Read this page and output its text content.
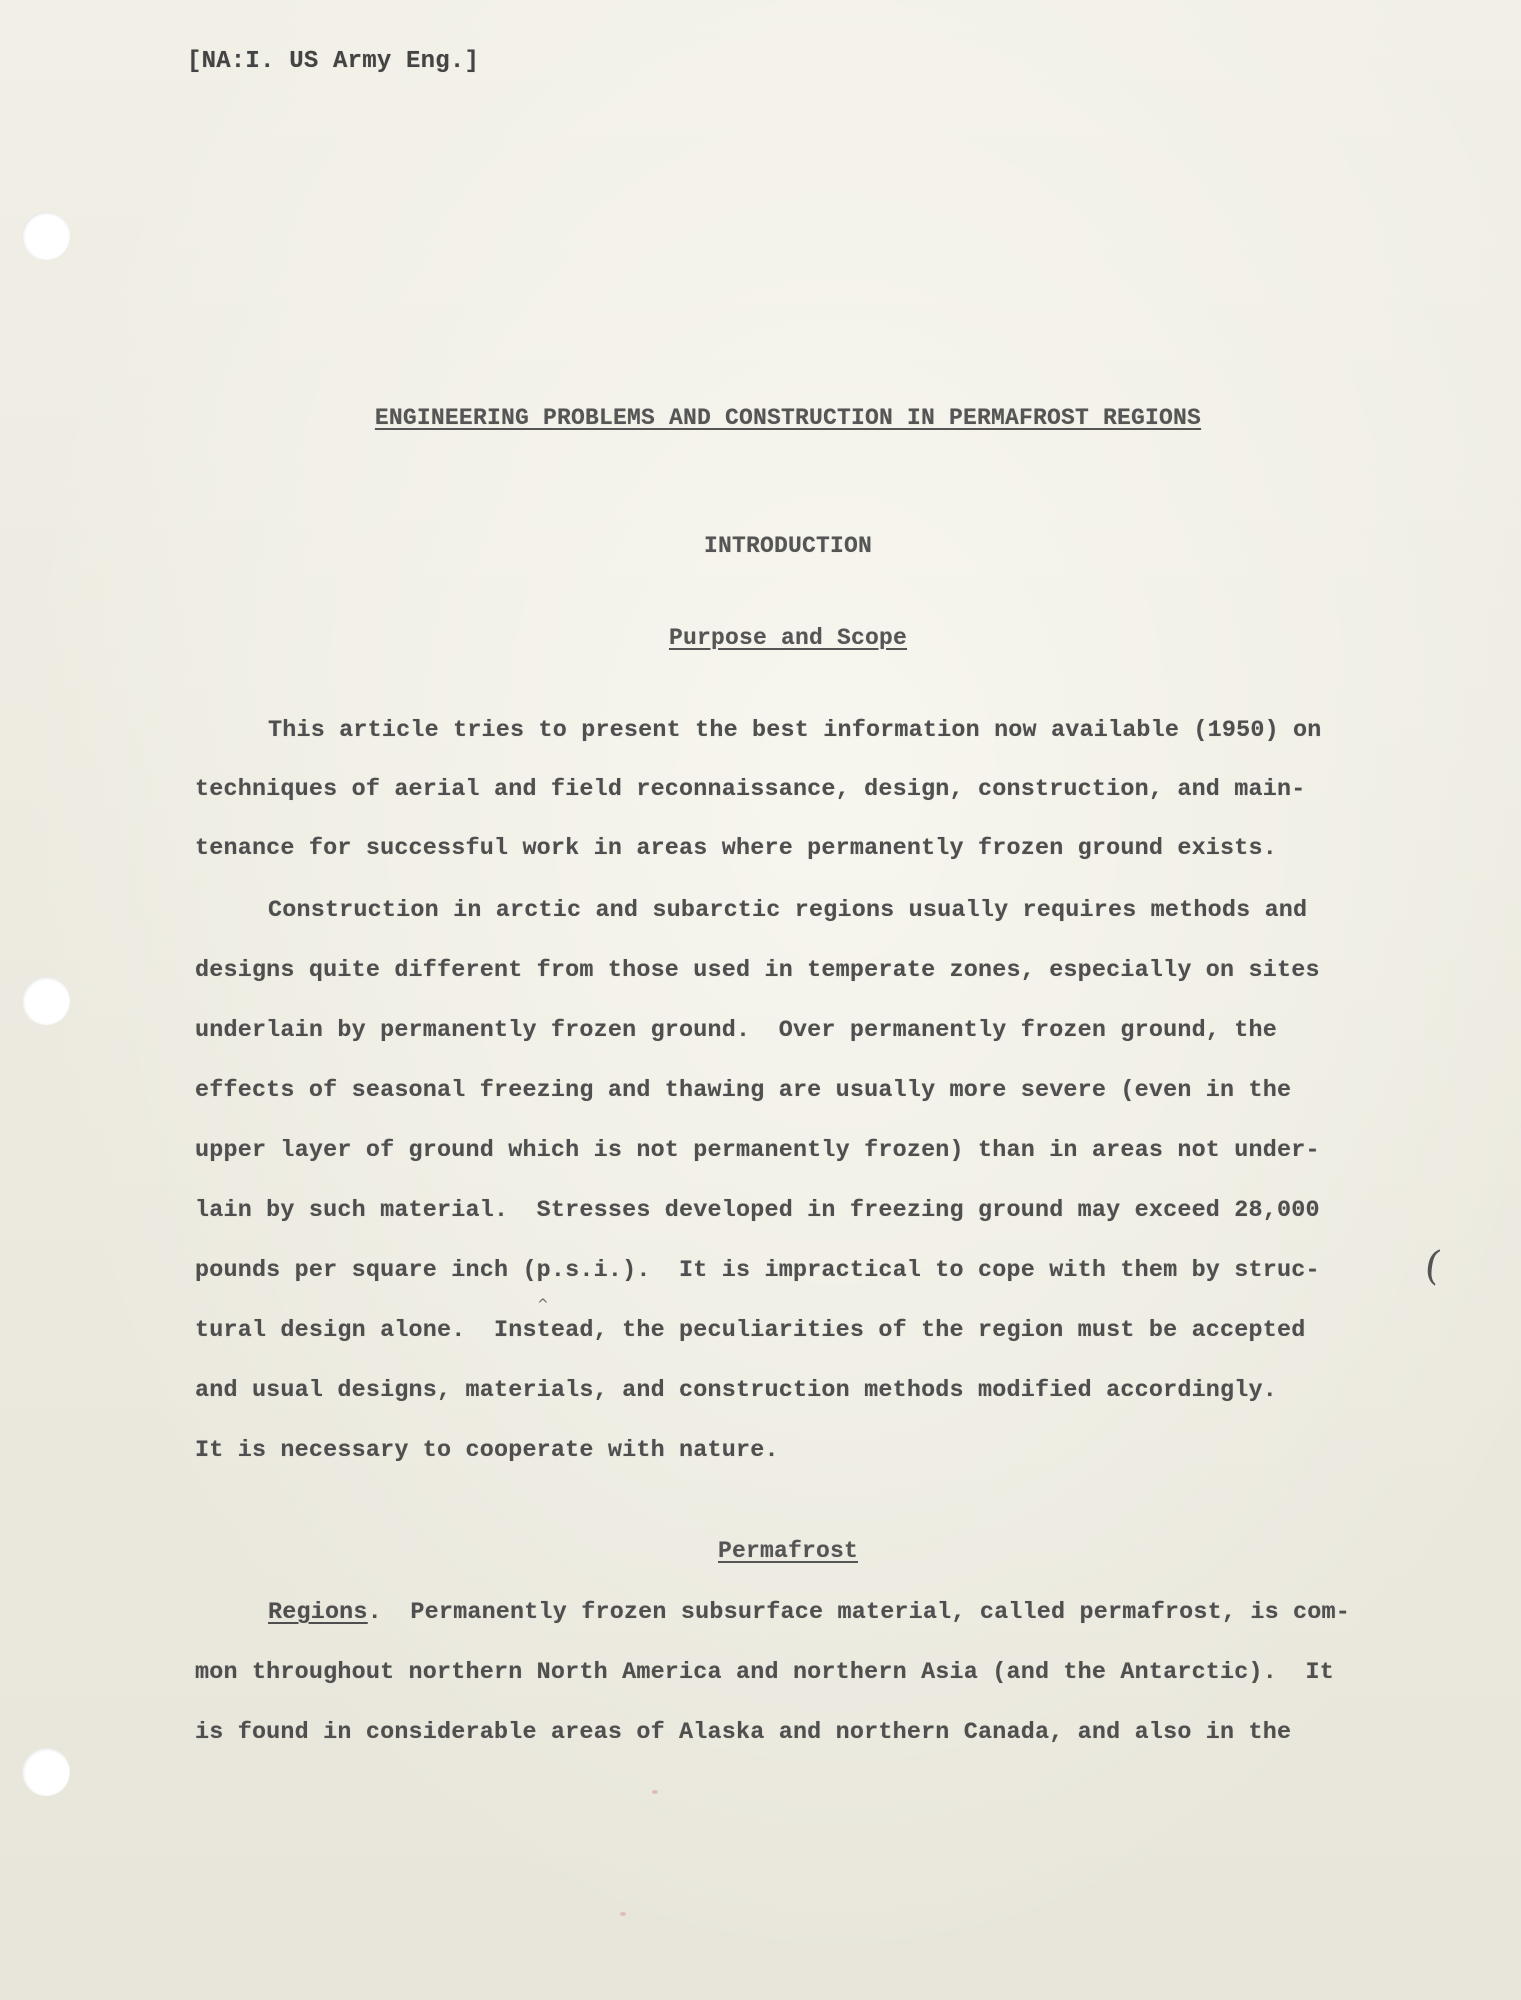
[NA:I. US Army Eng.]
ENGINEERING PROBLEMS AND CONSTRUCTION IN PERMAFROST REGIONS
INTRODUCTION
Purpose and Scope
This article tries to present the best information now available (1950) on
techniques of aerial and field reconnaissance, design, construction, and main-
tenance for successful work in areas where permanently frozen ground exists.
Construction in arctic and subarctic regions usually requires methods and
designs quite different from those used in temperate zones, especially on sites
underlain by permanently frozen ground.  Over permanently frozen ground, the
effects of seasonal freezing and thawing are usually more severe (even in the
upper layer of ground which is not permanently frozen) than in areas not under-
lain by such material.  Stresses developed in freezing ground may exceed 28,000
pounds per square inch (p.s.i.).  It is impractical to cope with them by struc-
tural design alone.  Instead, the peculiarities of the region must be accepted
and usual designs, materials, and construction methods modified accordingly.
It is necessary to cooperate with nature.
Permafrost
Regions.  Permanently frozen subsurface material, called permafrost, is com-
mon throughout northern North America and northern Asia (and the Antarctic).  It
is found in considerable areas of Alaska and northern Canada, and also in the
(
^
